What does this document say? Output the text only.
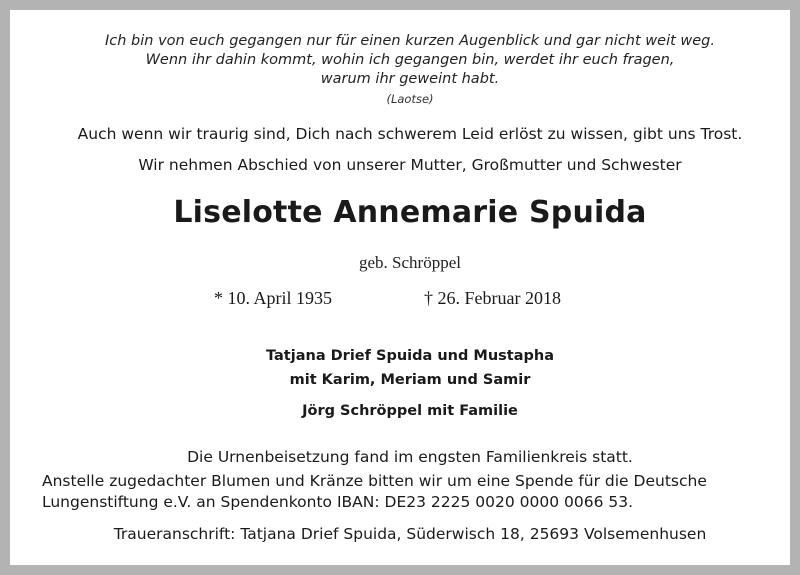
Ich bin von euch gegangen nur für einen kurzen Augenblick und gar nicht weit weg.
Wenn ihr dahin kommt, wohin ich gegangen bin, werdet ihr euch fragen,
warum ihr geweint habt.
(Laotse)
Auch wenn wir traurig sind, Dich nach schwerem Leid erlöst zu wissen, gibt uns Trost.
Wir nehmen Abschied von unserer Mutter, Großmutter und Schwester
Liselotte Annemarie Spuida
geb. Schröppel
* 10. April 1935	† 26. Februar 2018
Tatjana Drief Spuida und Mustapha
mit Karim, Meriam und Samir
Jörg Schröppel mit Familie
Die Urnenbeisetzung fand im engsten Familienkreis statt.
Anstelle zugedachter Blumen und Kränze bitten wir um eine Spende für die Deutsche
Lungenstiftung e.V. an Spendenkonto IBAN: DE23 2225 0020 0000 0066 53.
Traueranschrift: Tatjana Drief Spuida, Süderwisch 18, 25693 Volsemenhusen
